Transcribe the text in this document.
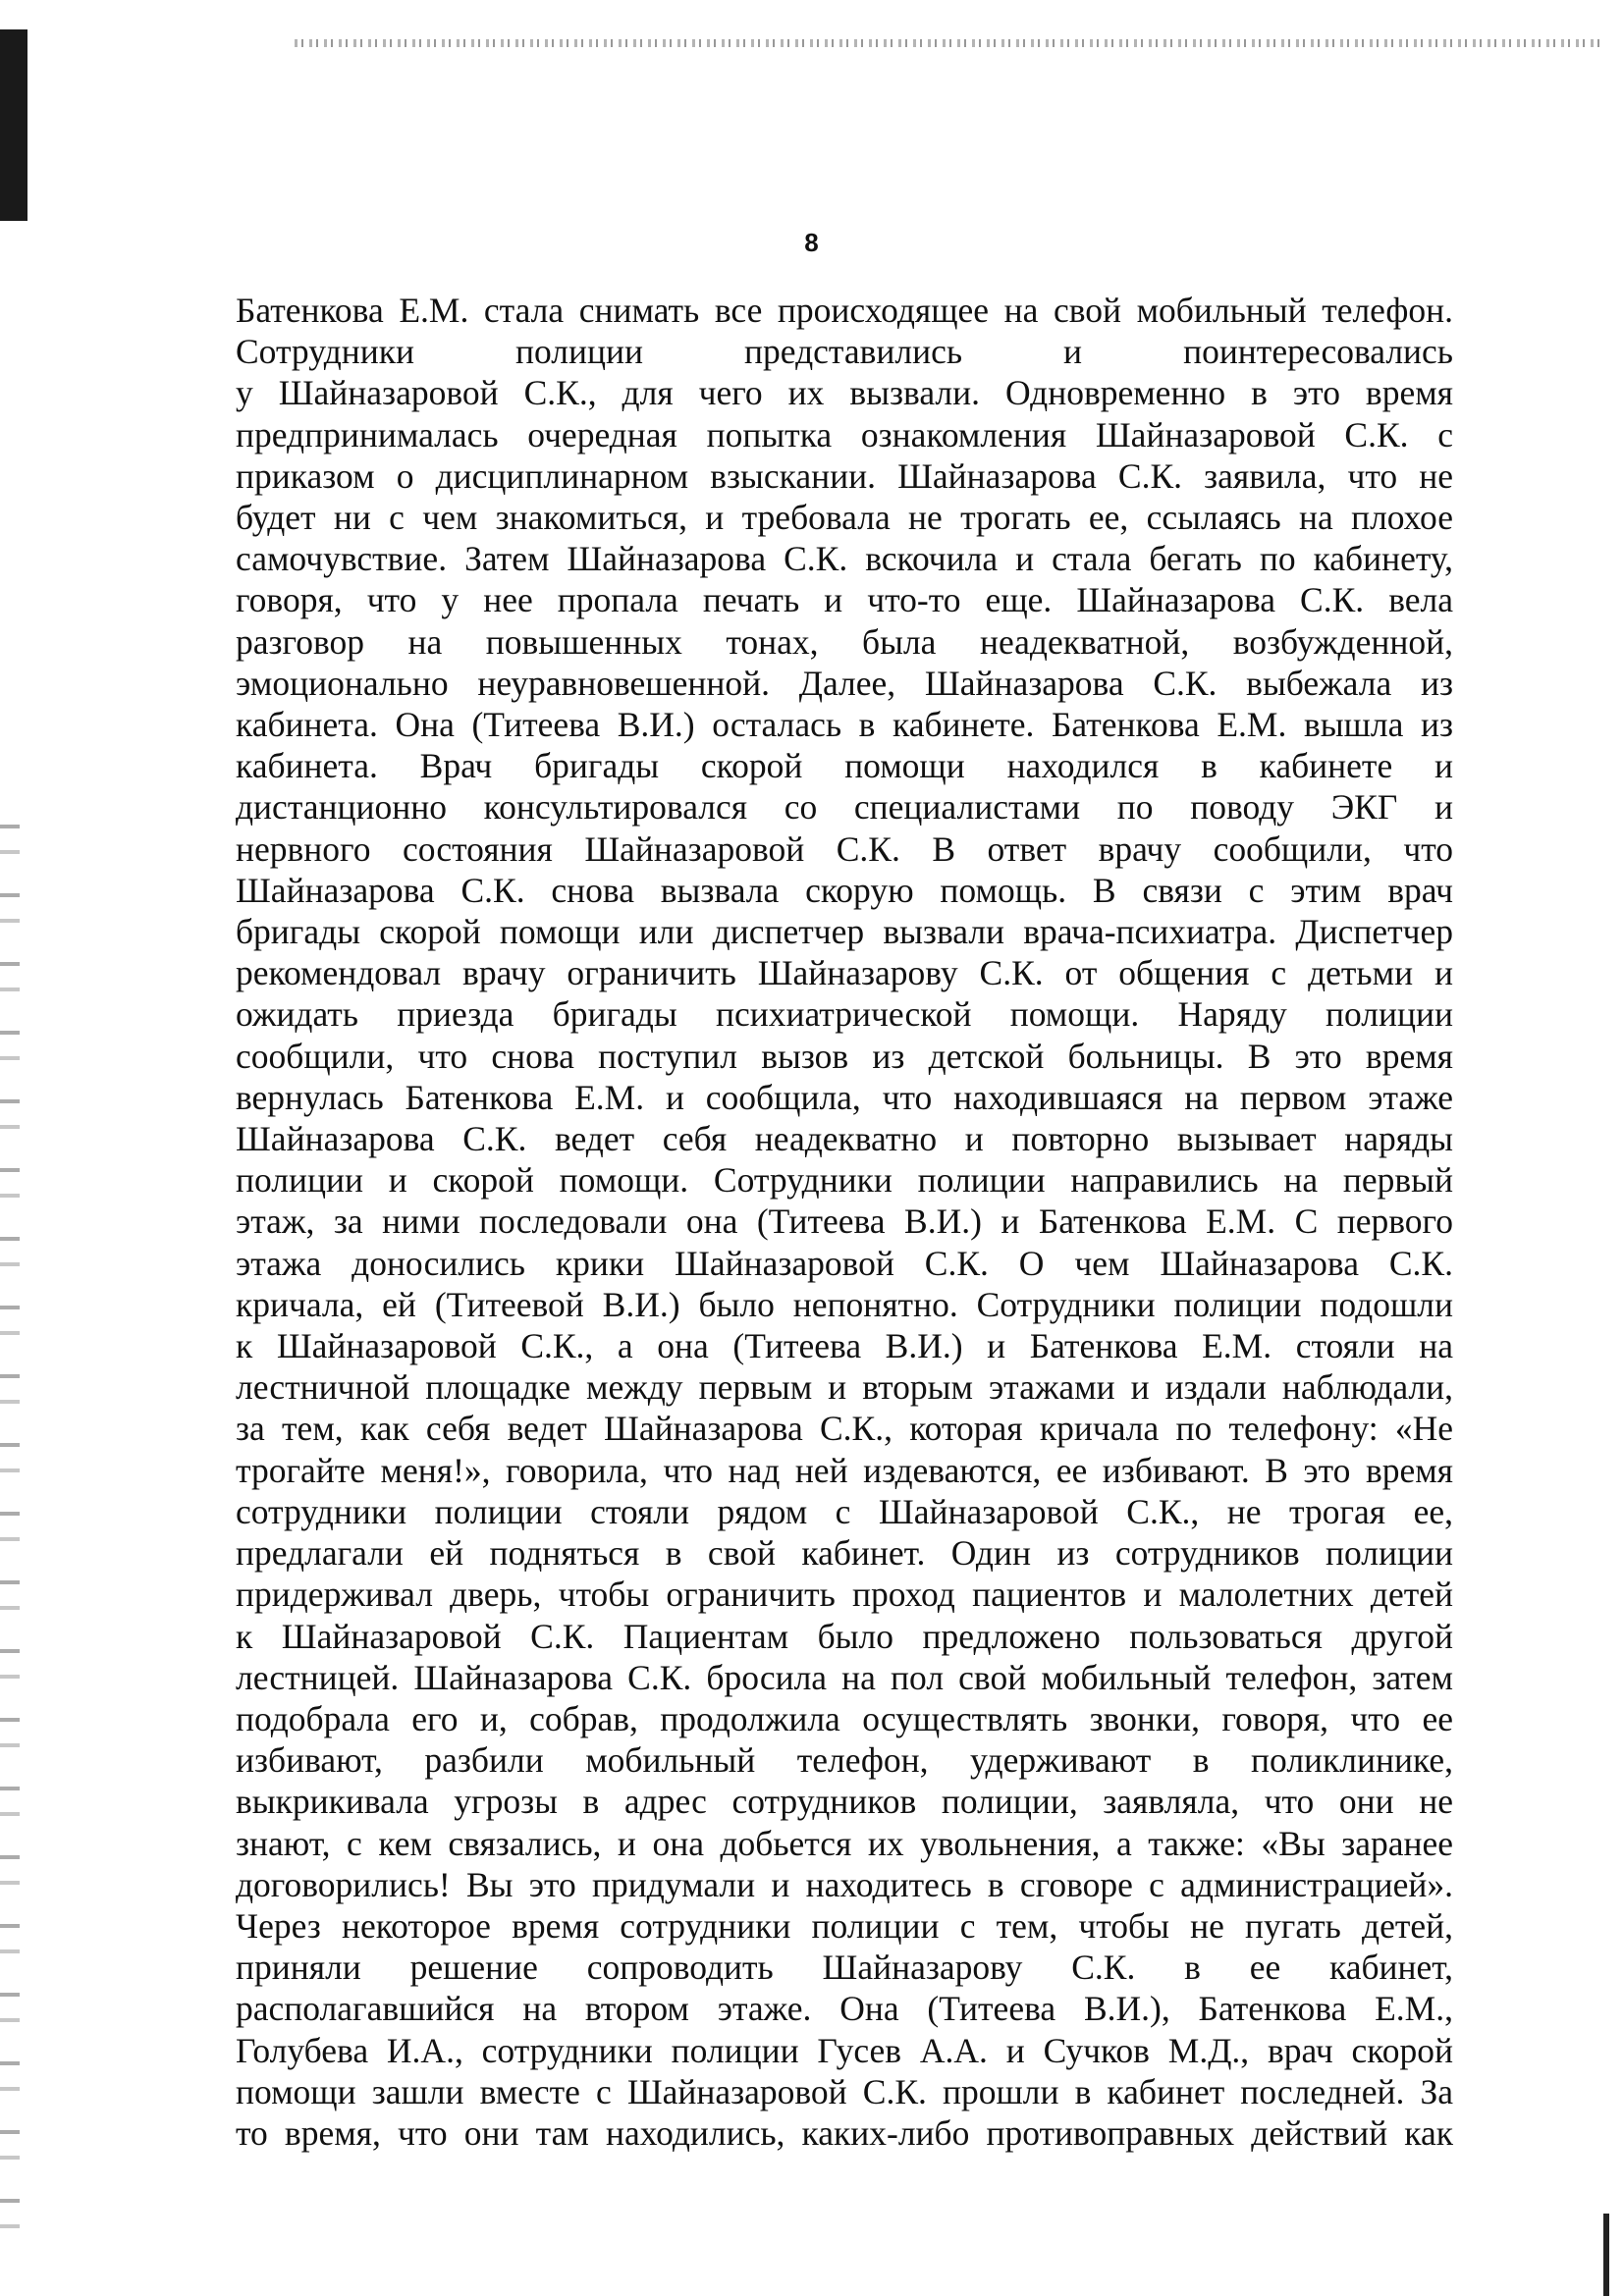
8
Батенкова Е.М. стала снимать все происходящее на свой мобильный телефон.
Сотрудники полиции представились и поинтересовались
у Шайназаровой С.К., для чего их вызвали. Одновременно в это время
предпринималась очередная попытка ознакомления Шайназаровой С.К. с
приказом о дисциплинарном взыскании. Шайназарова С.К. заявила, что не
будет ни с чем знакомиться, и требовала не трогать ее, ссылаясь на плохое
самочувствие. Затем Шайназарова С.К. вскочила и стала бегать по кабинету,
говоря, что у нее пропала печать и что-то еще. Шайназарова С.К. вела
разговор на повышенных тонах, была неадекватной, возбужденной,
эмоционально неуравновешенной. Далее, Шайназарова С.К. выбежала из
кабинета. Она (Титеева В.И.) осталась в кабинете. Батенкова Е.М. вышла из
кабинета. Врач бригады скорой помощи находился в кабинете и
дистанционно консультировался со специалистами по поводу ЭКГ и
нервного состояния Шайназаровой С.К. В ответ врачу сообщили, что
Шайназарова С.К. снова вызвала скорую помощь. В связи с этим врач
бригады скорой помощи или диспетчер вызвали врача-психиатра. Диспетчер
рекомендовал врачу ограничить Шайназарову С.К. от общения с детьми и
ожидать приезда бригады психиатрической помощи. Наряду полиции
сообщили, что снова поступил вызов из детской больницы. В это время
вернулась Батенкова Е.М. и сообщила, что находившаяся на первом этаже
Шайназарова С.К. ведет себя неадекватно и повторно вызывает наряды
полиции и скорой помощи. Сотрудники полиции направились на первый
этаж, за ними последовали она (Титеева В.И.) и Батенкова Е.М. С первого
этажа доносились крики Шайназаровой С.К. О чем Шайназарова С.К.
кричала, ей (Титеевой В.И.) было непонятно. Сотрудники полиции подошли
к Шайназаровой С.К., а она (Титеева В.И.) и Батенкова Е.М. стояли на
лестничной площадке между первым и вторым этажами и издали наблюдали,
за тем, как себя ведет Шайназарова С.К., которая кричала по телефону: «Не
трогайте меня!», говорила, что над ней издеваются, ее избивают. В это время
сотрудники полиции стояли рядом с Шайназаровой С.К., не трогая ее,
предлагали ей подняться в свой кабинет. Один из сотрудников полиции
придерживал дверь, чтобы ограничить проход пациентов и малолетних детей
к Шайназаровой С.К. Пациентам было предложено пользоваться другой
лестницей. Шайназарова С.К. бросила на пол свой мобильный телефон, затем
подобрала его и, собрав, продолжила осуществлять звонки, говоря, что ее
избивают, разбили мобильный телефон, удерживают в поликлинике,
выкрикивала угрозы в адрес сотрудников полиции, заявляла, что они не
знают, с кем связались, и она добьется их увольнения, а также: «Вы заранее
договорились! Вы это придумали и находитесь в сговоре с администрацией».
Через некоторое время сотрудники полиции с тем, чтобы не пугать детей,
приняли решение сопроводить Шайназарову С.К. в ее кабинет,
располагавшийся на втором этаже. Она (Титеева В.И.), Батенкова Е.М.,
Голубева И.А., сотрудники полиции Гусев А.А. и Сучков М.Д., врач скорой
помощи зашли вместе с Шайназаровой С.К. прошли в кабинет последней. За
то время, что они там находились, каких-либо противоправных действий как
